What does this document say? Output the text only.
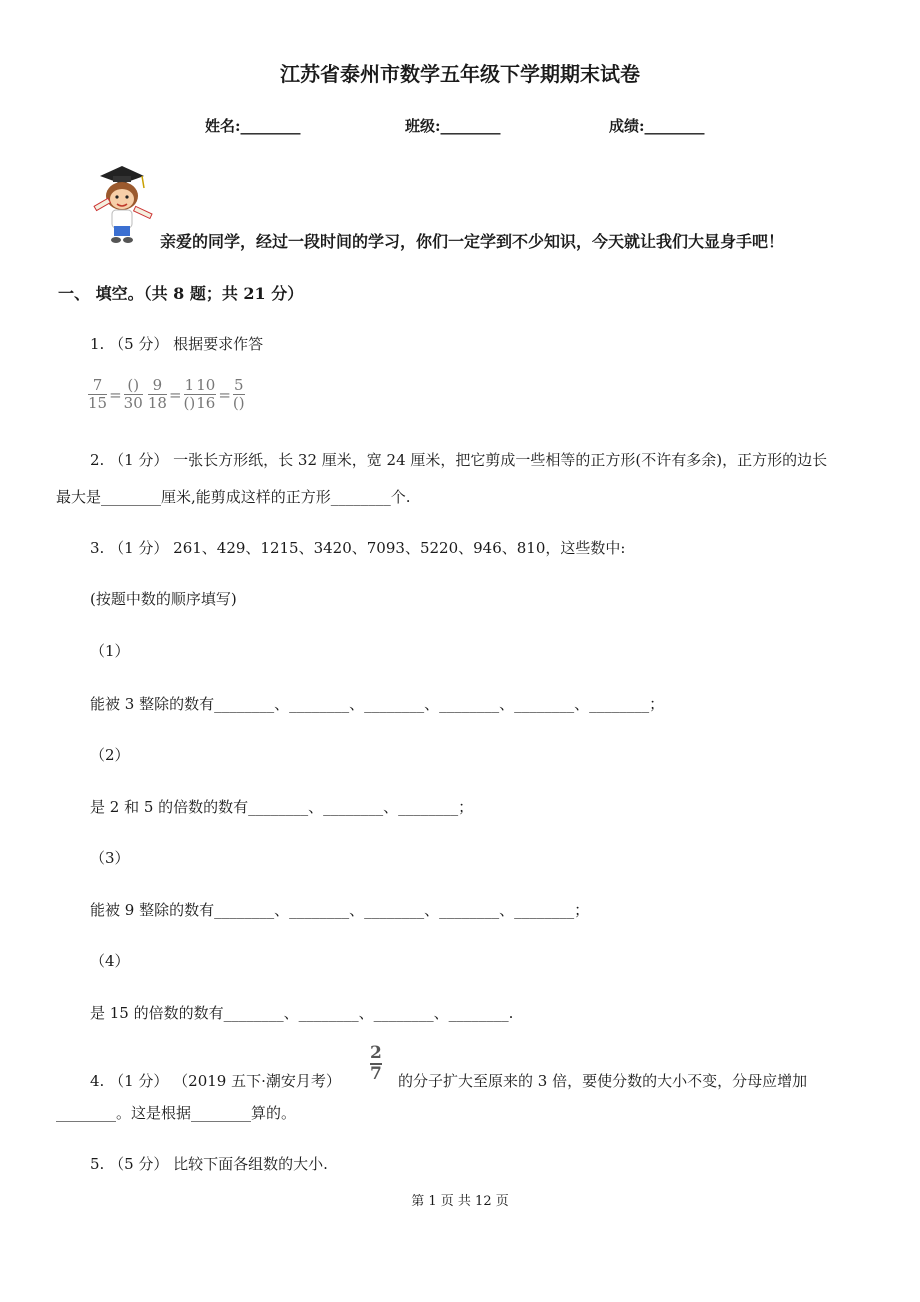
江苏省泰州市数学五年级下学期期末试卷
姓名:________	班级:________	成绩:________
亲爱的同学，经过一段时间的学习，你们一定学到不少知识，今天就让我们大显身手吧！
一、 填空。（共 8 题；共 21 分）
1. （5 分） 根据要求作答
$\frac{7}{15} = \frac{()}{30}$
$\frac{9}{18} = \frac{1}{()} \frac{10}{16} = \frac{5}{()}$
2. （1 分） 一张长方形纸，长 32 厘米，宽 24 厘米，把它剪成一些相等的正方形(不许有多余)，正方形的边长
最大是________厘米,能剪成这样的正方形________个.
3. （1 分） 261、429、1215、3420、7093、5220、946、810，这些数中:
(按题中数的顺序填写)
（1）
能被 3 整除的数有________、________、________、________、________、________；
（2）
是 2 和 5 的倍数的数有________、________、________；
（3）
能被 9 整除的数有________、________、________、________、________；
（4）
是 15 的倍数的数有________、________、________、________.
4. （1 分） （2019 五下·潮安月考） $\frac{2}{7}$ 的分子扩大至原来的 3 倍，要使分数的大小不变，分母应增加
________。这是根据________算的。
5. （5 分） 比较下面各组数的大小.
第 1 页 共 12 页
